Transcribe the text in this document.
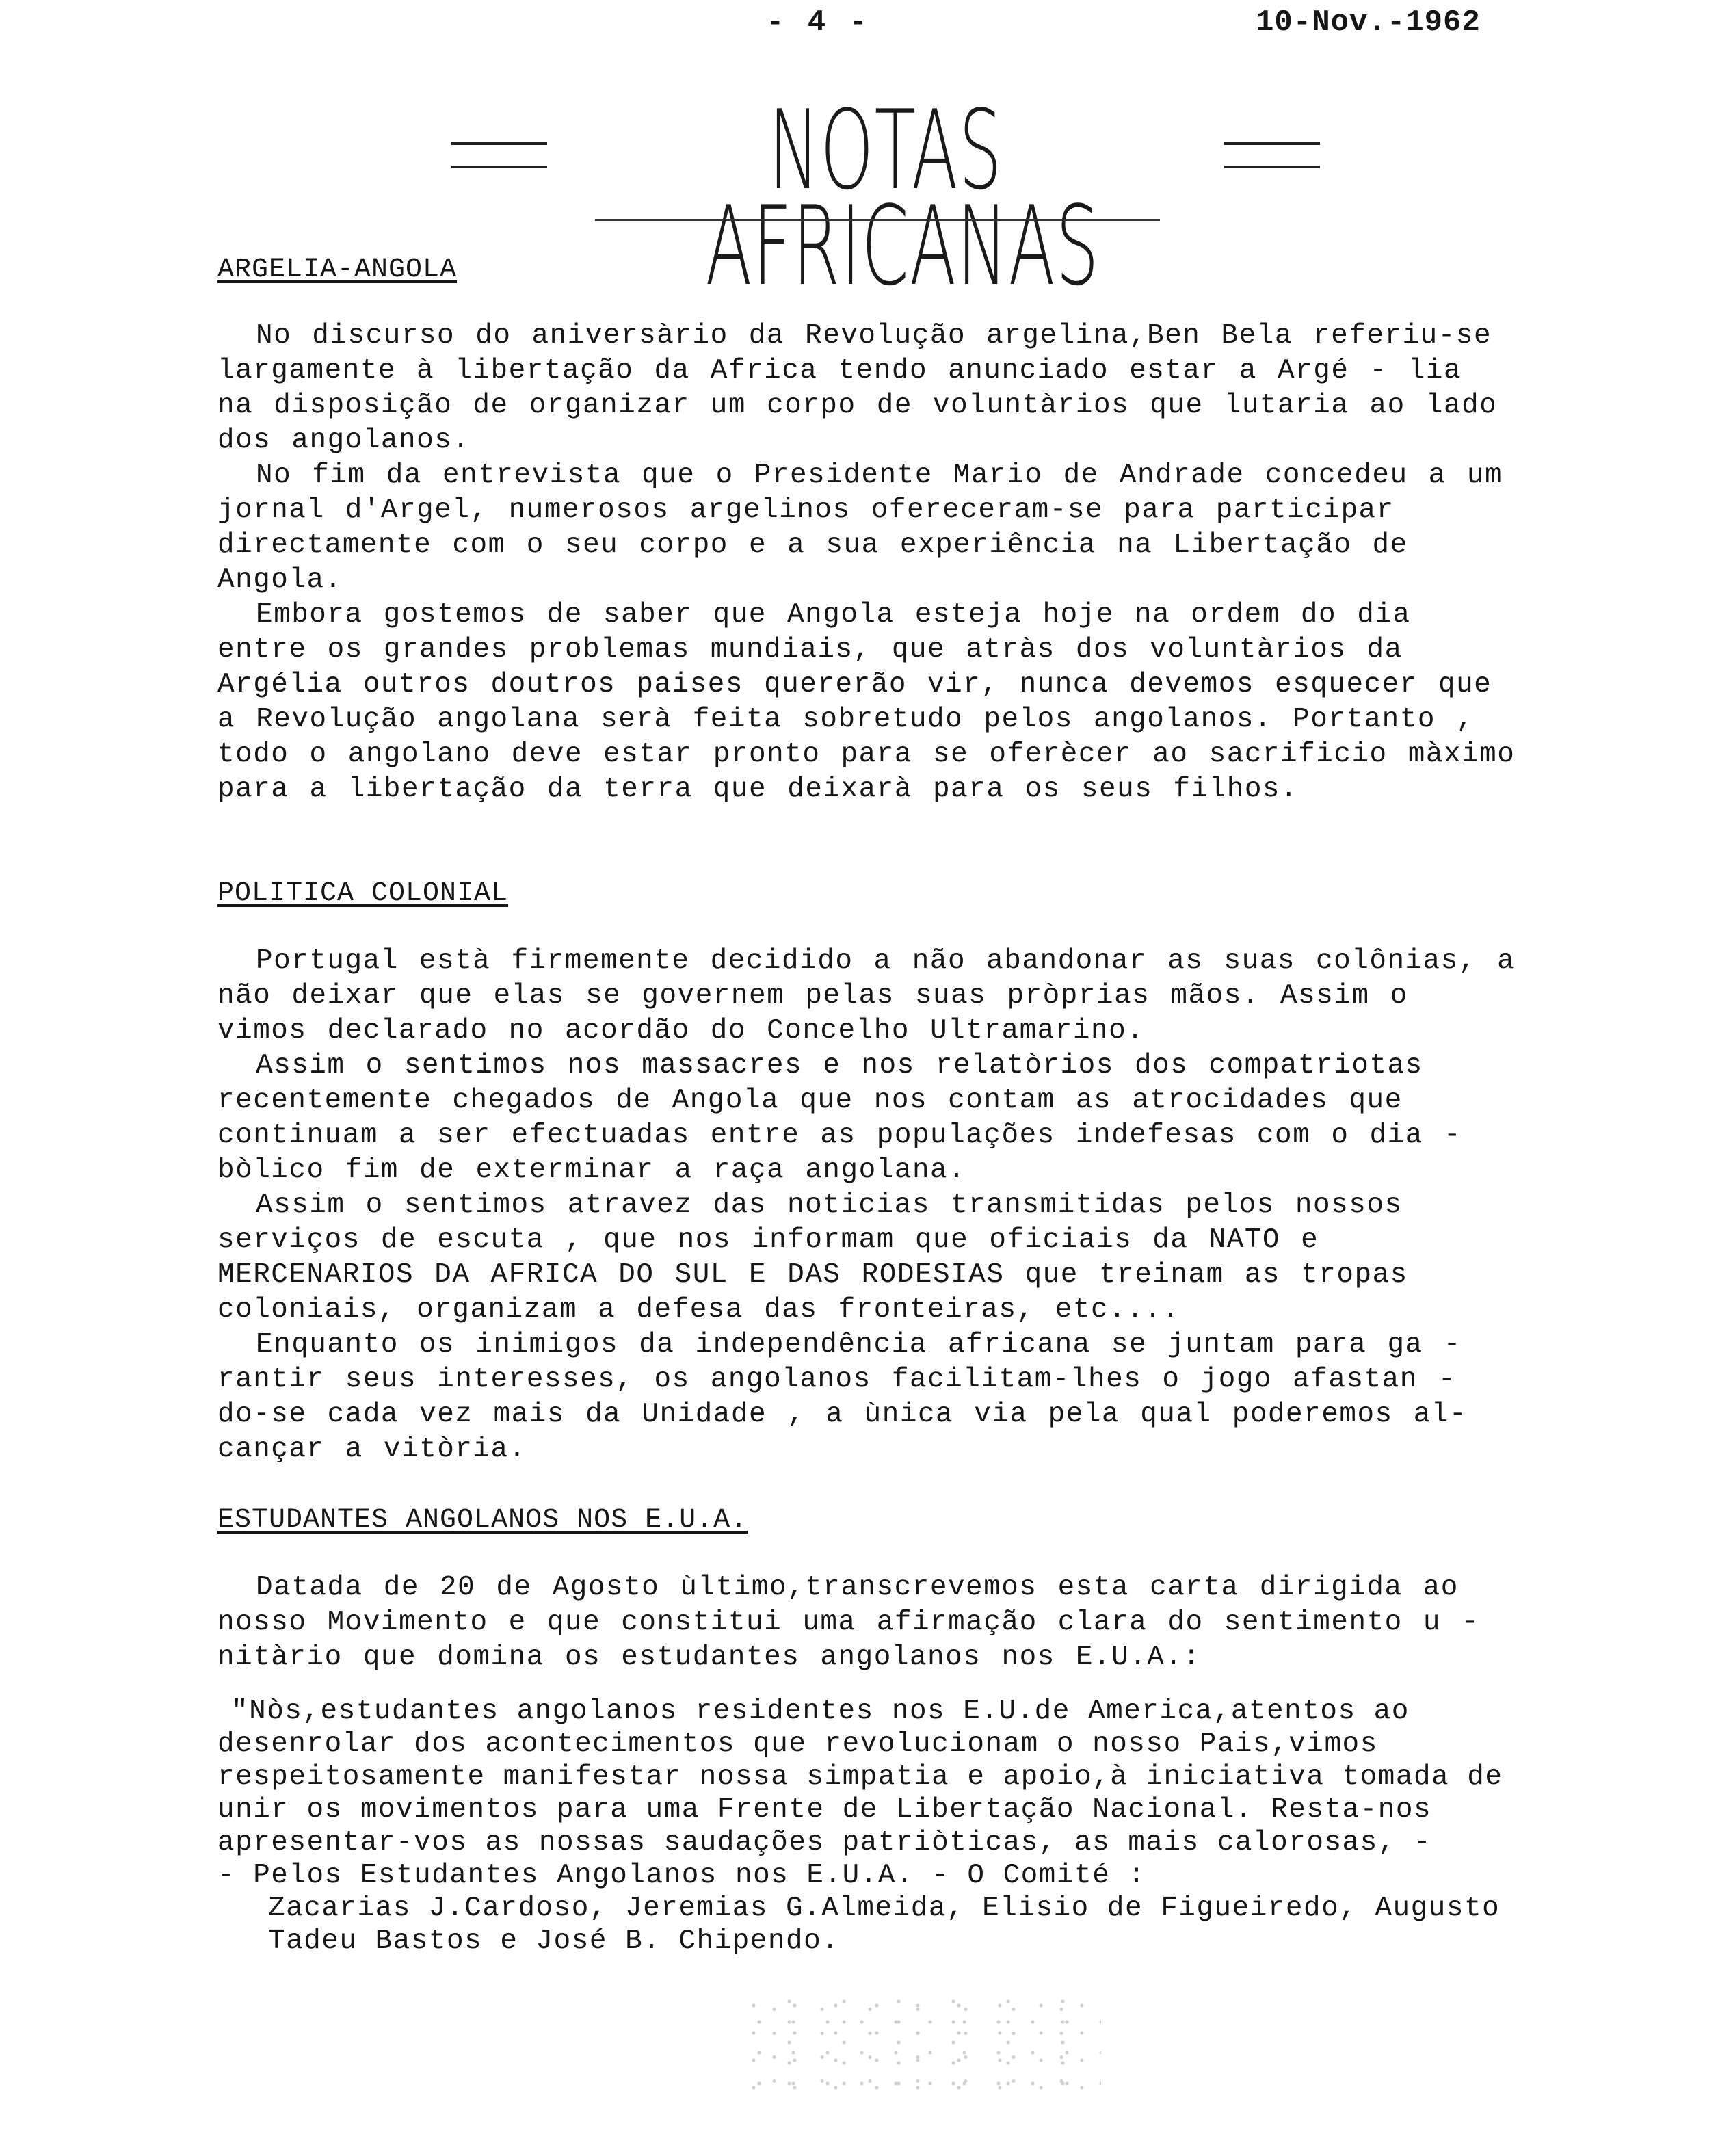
- 4 -	10-Nov.-1962
NOTAS AFRICANAS
ARGELIA-ANGOLA

No discurso do aniversàrio da Revolução argelina,Ben Bela referiu-se largamente à libertação da Africa tendo anunciado estar a Argé - lia na disposição de organizar um corpo de voluntàrios que lutaria ao lado dos angolanos.

No fim da entrevista que o Presidente Mario de Andrade concedeu a um jornal d'Argel, numerosos argelinos ofereceram-se para participar directamente com o seu corpo e a sua experiência na Libertação de Angola.

Embora gostemos de saber que Angola esteja hoje na ordem do dia entre os grandes problemas mundiais, que atràs dos voluntàrios da Argélia outros doutros paises quererão vir, nunca devemos esquecer que a Revolução angolana serà feita sobretudo pelos angolanos. Portanto , todo o angolano deve estar pronto para se oferècer ao sacrificio màximo para a libertação da terra que deixarà para os seus filhos.

POLITICA COLONIAL

Portugal està firmemente decidido a não abandonar as suas colônias, a não deixar que elas se governem pelas suas pròprias mãos. Assim o vimos declarado no acordão do Concelho Ultramarino.

Assim o sentimos nos massacres e nos relatòrios dos compatriotas recentemente chegados de Angola que nos contam as atrocidades que continuam a ser efectuadas entre as populações indefesas com o dia - bòlico fim de exterminar a raça angolana.

Assim o sentimos atravez das noticias transmitidas pelos nossos serviços de escuta , que nos informam que oficiais da NATO e MERCENARIOS DA AFRICA DO SUL E DAS RODESIAS que treinam as tropas coloniais, organizam a defesa das fronteiras, etc....

Enquanto os inimigos da independência africana se juntam para ga - rantir seus interesses, os angolanos facilitam-lhes o jogo afastan - do-se cada vez mais da Unidade , a ùnica via pela qual poderemos al- cançar a vitòria.

ESTUDANTES ANGOLANOS NOS E.U.A.

Datada de 20 de Agosto ùltimo,transcrevemos esta carta dirigida ao nosso Movimento e que constitui uma afirmação clara do sentimento u - nitàrio que domina os estudantes angolanos nos E.U.A.:

"Nòs,estudantes angolanos residentes nos E.U.de America,atentos ao desenrolar dos acontecimentos que revolucionam o nosso Pais,vimos respeitosamente manifestar nossa simpatia e apoio,à iniciativa tomada de unir os movimentos para uma Frente de Libertação Nacional. Resta-nos apresentar-vos as nossas saudações patriòticas, as mais calorosas, -

- Pelos Estudantes Angolanos nos E.U.A. - O Comité :

Zacarias J.Cardoso, Jeremias G.Almeida, Elisio de Figueiredo, Augusto Tadeu Bastos e José B. Chipendo.
